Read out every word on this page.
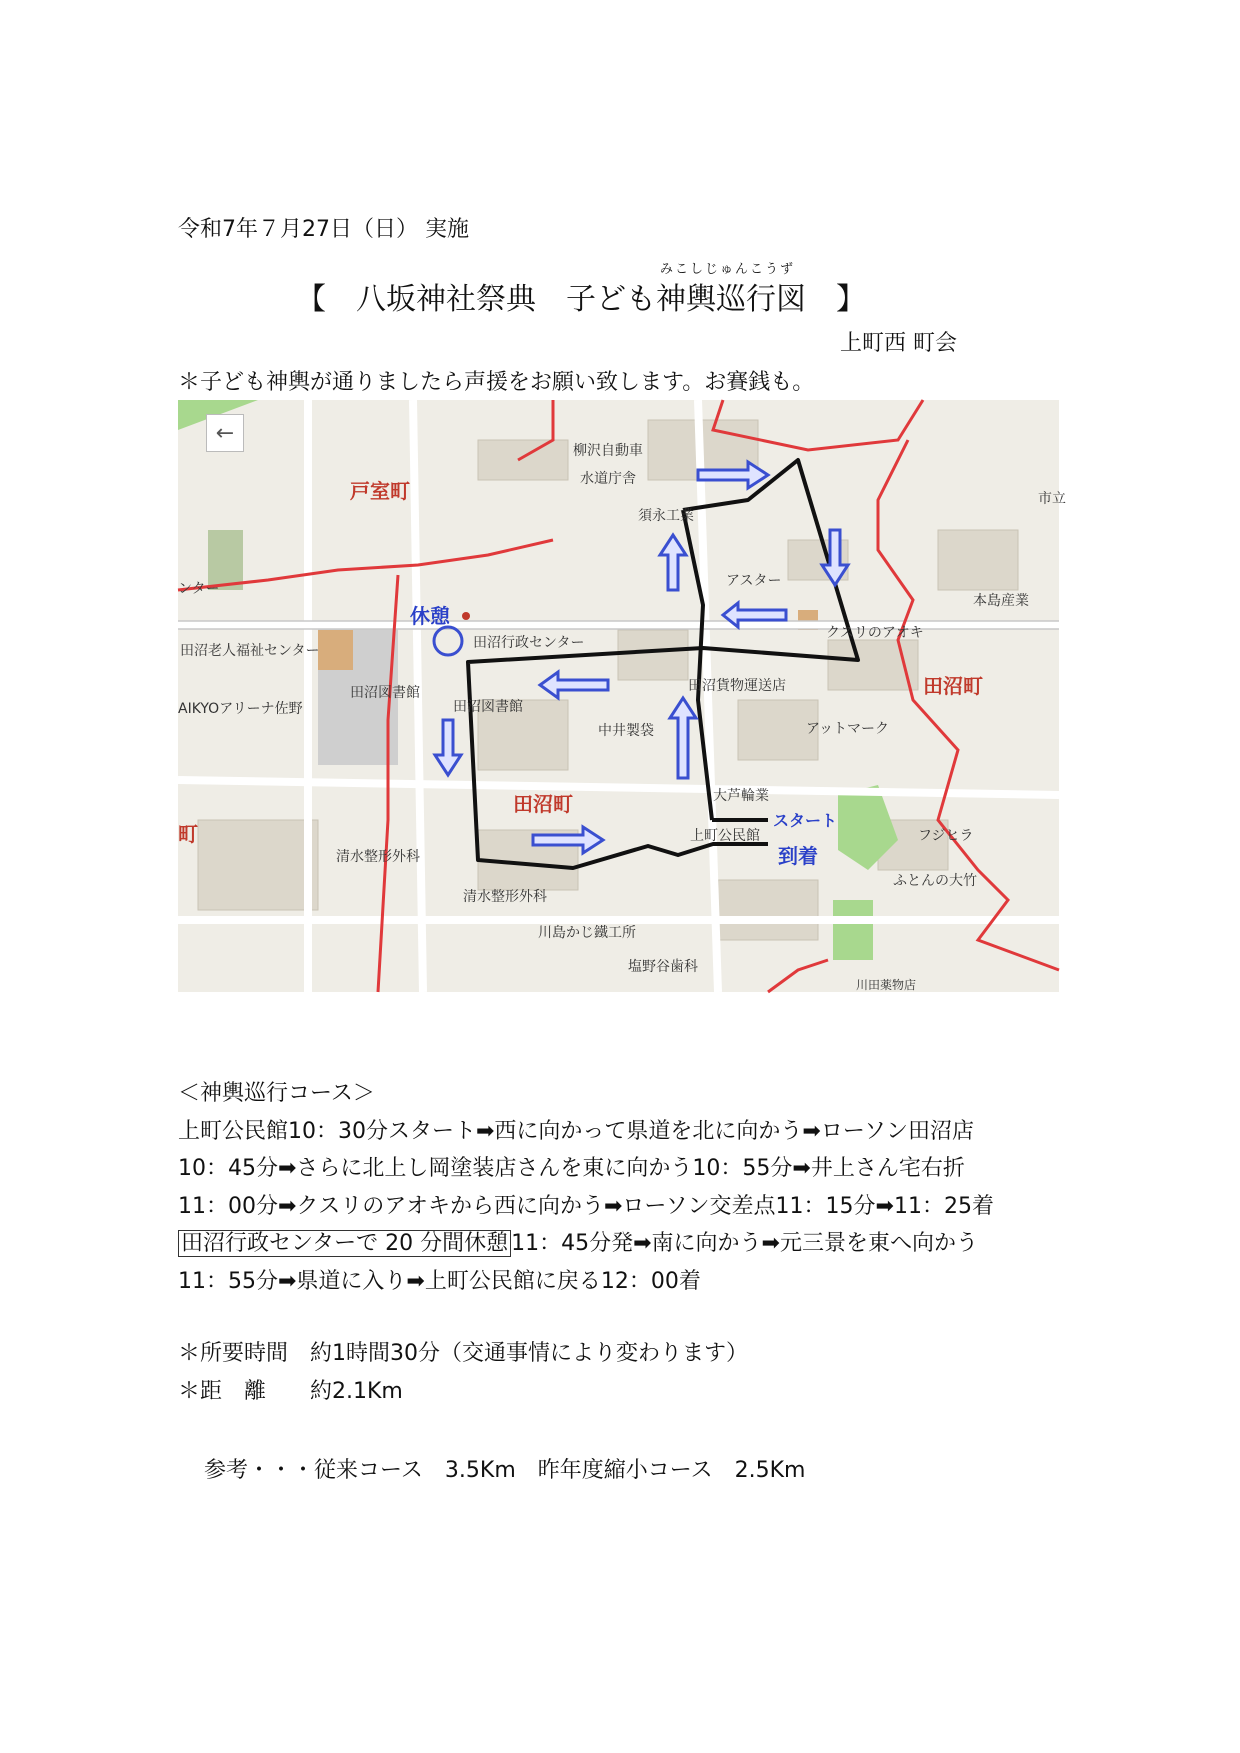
令和7年７月27日（日） 実施
みこしじゅんこうず
【　八坂神社祭典　子ども神輿巡行図　】
上町西 町会
＊子ども神輿が通りましたら声援をお願い致します。お賽銭も。
←
戸室町
田沼町
田沼町
町
休憩
スタート
到着
柳沢自動車
水道庁舎
須永工業
アスター
クスリのアオキ
本島産業
市立
ンター
田沼老人福祉センター
AIKYOアリーナ佐野
田沼図書館
田沼図書館
田沼行政センター
田沼貨物運送店
中井製袋	アットマーク
大芦輪業
上町公民館	フジヒラ
ふとんの大竹
清水整形外科
清水整形外科
川島かじ鐵工所
塩野谷歯科
川田薬物店
＜神輿巡行コース＞
上町公民館10：30分スタート➡西に向かって県道を北に向かう➡ローソン田沼店
10：45分➡さらに北上し岡塗装店さんを東に向かう10：55分➡井上さん宅右折
11：00分➡クスリのアオキから西に向かう➡ローソン交差点11：15分➡11：25着
田沼行政センターで 20 分間休憩 11：45分発➡南に向かう➡元三景を東へ向かう
11：55分➡県道に入り➡上町公民館に戻る12：00着
＊所要時間　約1時間30分（交通事情により変わります）
＊距　離　　約2.1Km
参考・・・従来コース　3.5Km　昨年度縮小コース　2.5Km
